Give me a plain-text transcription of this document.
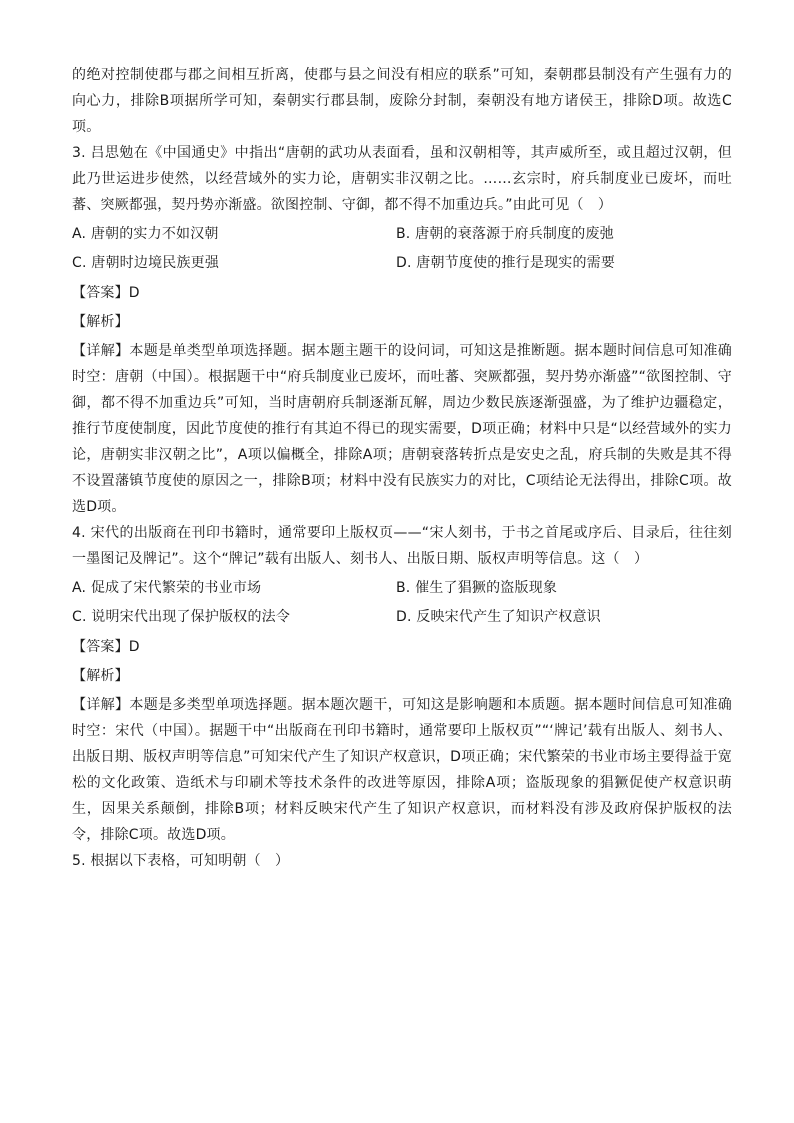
的绝对控制使郡与郡之间相互折离，使郡与县之间没有相应的联系”可知，秦朝郡县制没有产生强有力的向心力，排除B项据所学可知，秦朝实行郡县制，废除分封制，秦朝没有地方诸侯王，排除D项。故选C项。

3. 吕思勉在《中国通史》中指出“唐朝的武功从表面看，虽和汉朝相等，其声威所至，或且超过汉朝，但此乃世运进步使然，以经营域外的实力论，唐朝实非汉朝之比。……玄宗时，府兵制度业已废坏，而吐蕃、突厥都强，契丹势亦渐盛。欲图控制、守御，都不得不加重边兵。”由此可见（　）

A. 唐朝的实力不如汉朝	B. 唐朝的衰落源于府兵制度的废弛
C. 唐朝时边境民族更强	D. 唐朝节度使的推行是现实的需要
【答案】D
【解析】

【详解】本题是单类型单项选择题。据本题主题干的设问词，可知这是推断题。据本题时间信息可知准确时空：唐朝（中国）。根据题干中“府兵制度业已废坏，而吐蕃、突厥都强，契丹势亦渐盛”“欲图控制、守御，都不得不加重边兵”可知，当时唐朝府兵制逐渐瓦解，周边少数民族逐渐强盛，为了维护边疆稳定，推行节度使制度，因此节度使的推行有其迫不得已的现实需要，D项正确；材料中只是“以经营域外的实力论，唐朝实非汉朝之比”，A项以偏概全，排除A项；唐朝衰落转折点是安史之乱，府兵制的失败是其不得不设置藩镇节度使的原因之一，排除B项；材料中没有民族实力的对比，C项结论无法得出，排除C项。故选D项。

4. 宋代的出版商在刊印书籍时，通常要印上版权页——“宋人刻书，于书之首尾或序后、目录后，往往刻一墨图记及牌记”。这个“牌记”载有出版人、刻书人、出版日期、版权声明等信息。这（　）

A. 促成了宋代繁荣的书业市场	B. 催生了猖獗的盗版现象
C. 说明宋代出现了保护版权的法令	D. 反映宋代产生了知识产权意识
【答案】D
【解析】

【详解】本题是多类型单项选择题。据本题次题干，可知这是影响题和本质题。据本题时间信息可知准确时空：宋代（中国）。据题干中“出版商在刊印书籍时，通常要印上版权页”“‘牌记’载有出版人、刻书人、出版日期、版权声明等信息”可知宋代产生了知识产权意识，D项正确；宋代繁荣的书业市场主要得益于宽松的文化政策、造纸术与印刷术等技术条件的改进等原因，排除A项；盗版现象的猖獗促使产权意识萌生，因果关系颠倒，排除B项；材料反映宋代产生了知识产权意识，而材料没有涉及政府保护版权的法令，排除C项。故选D项。

5. 根据以下表格，可知明朝（　）
